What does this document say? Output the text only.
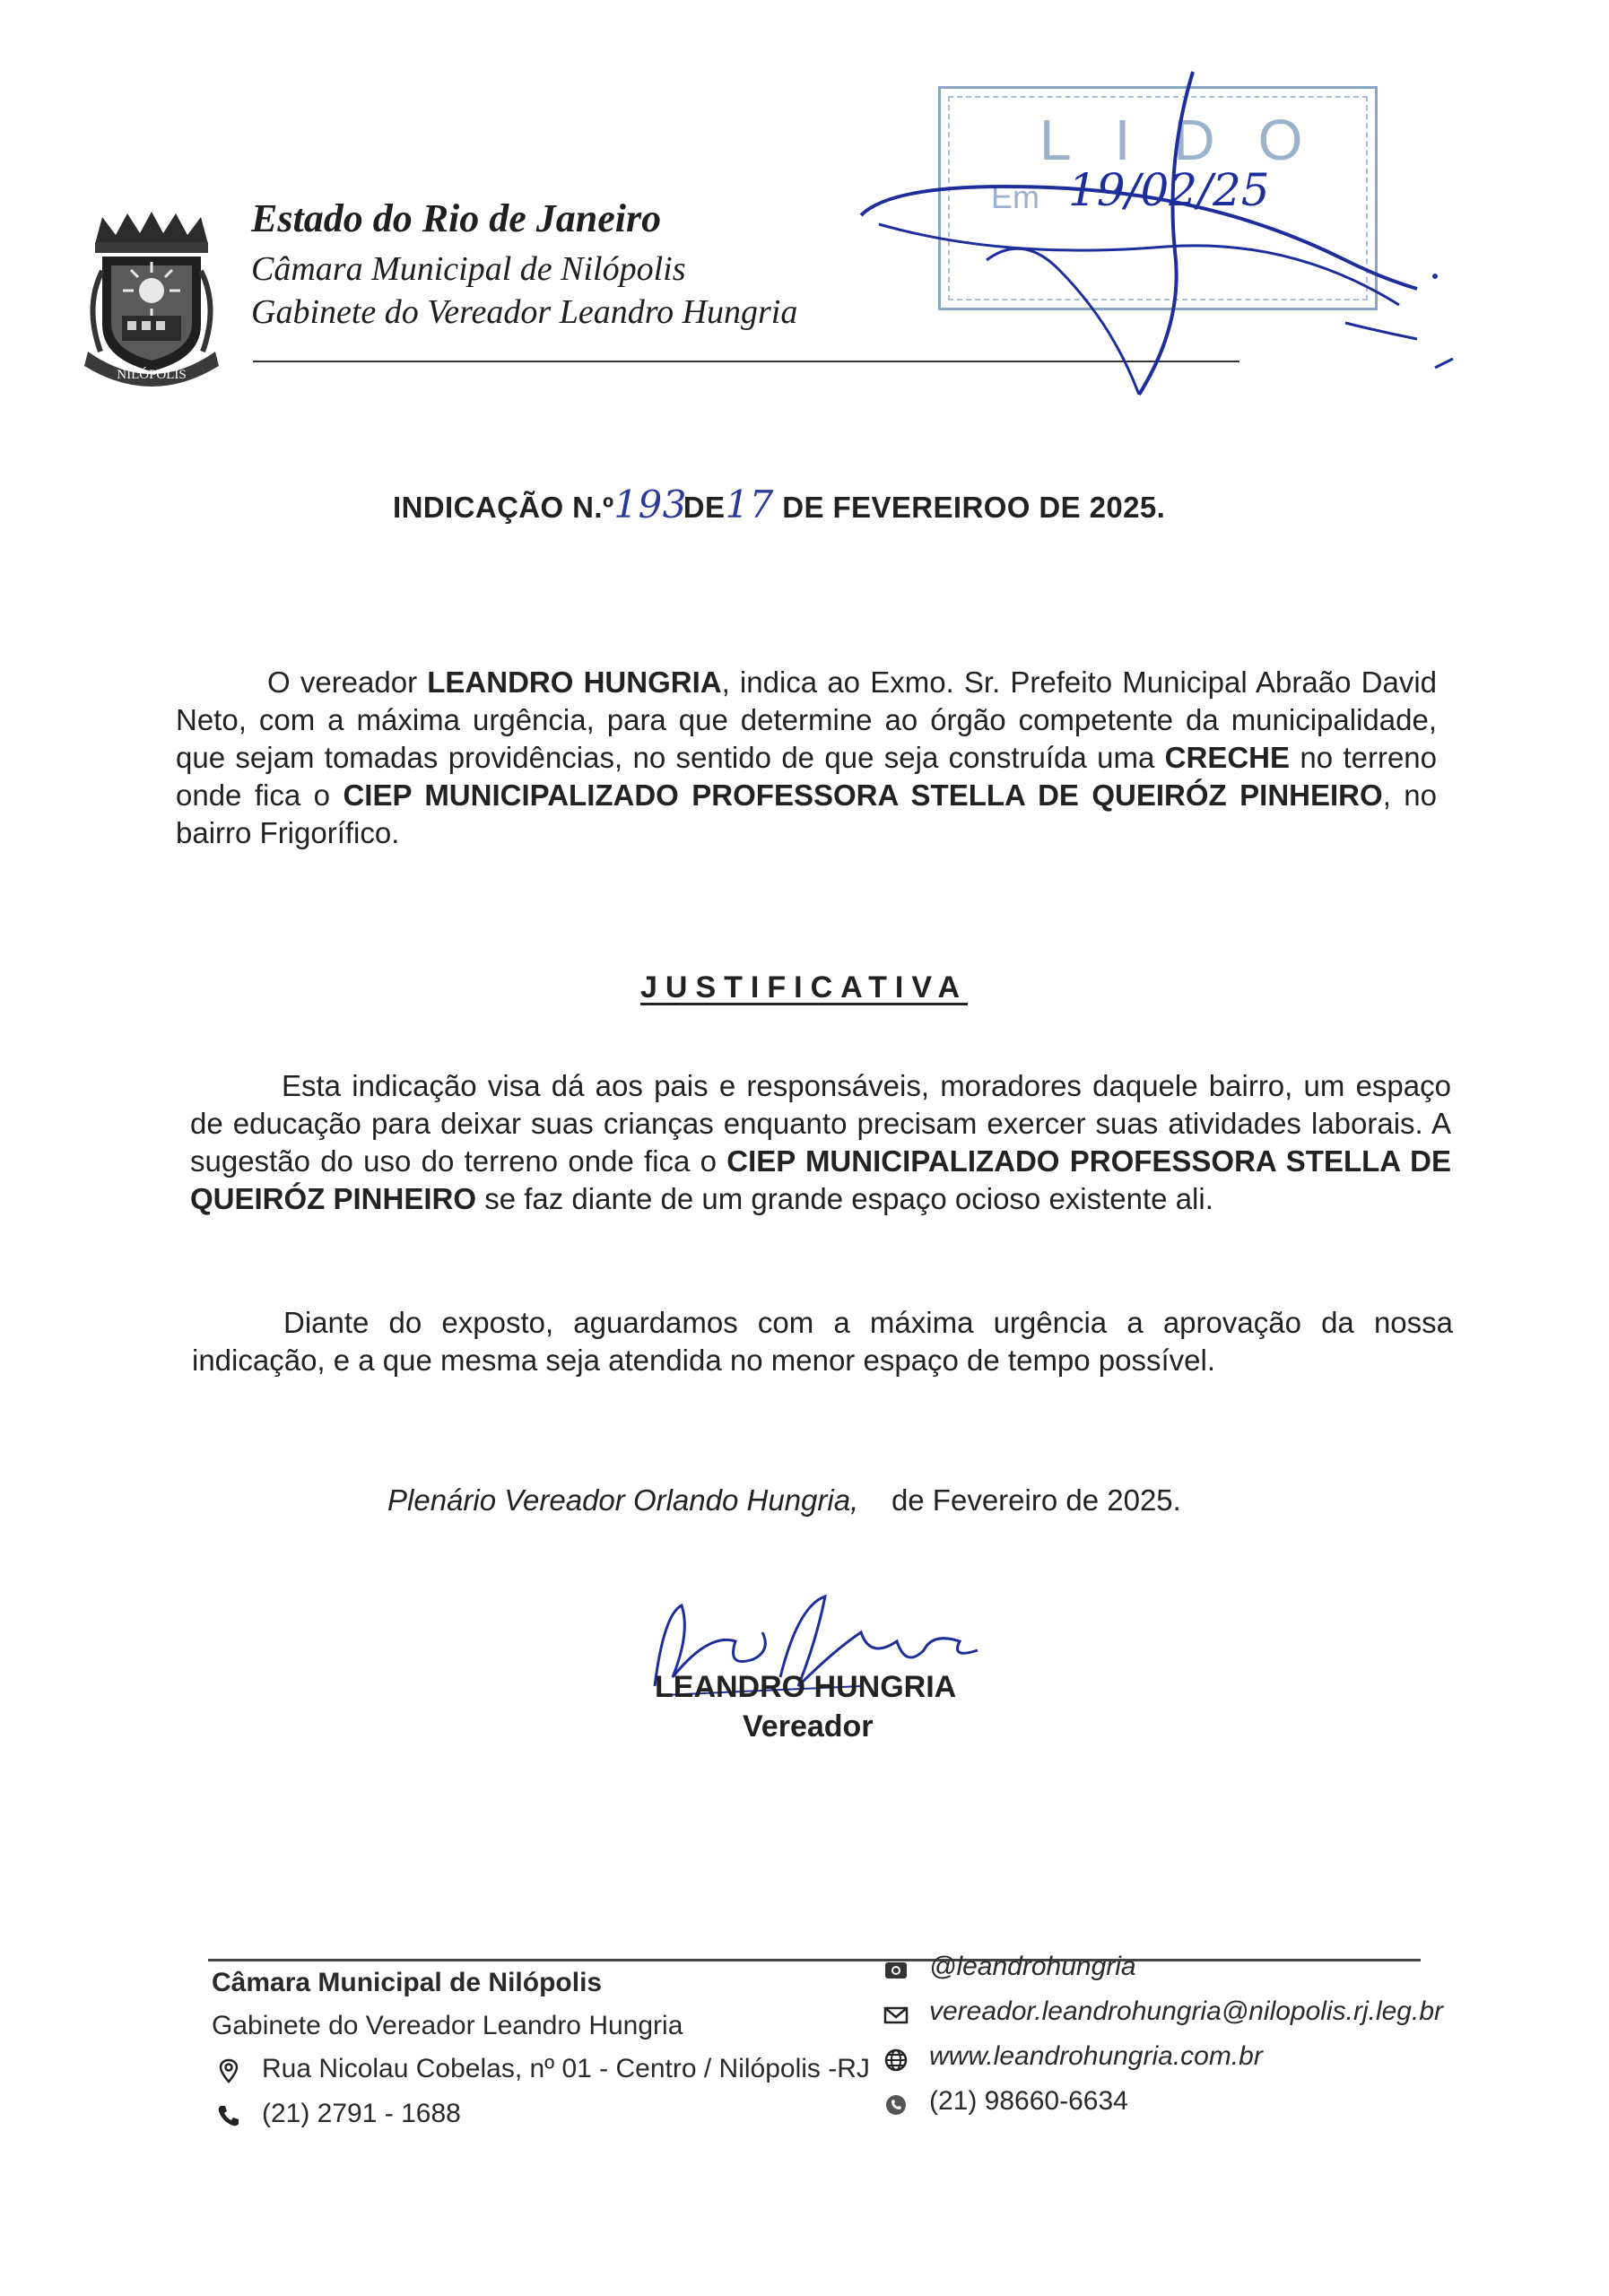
NILÓPOLIS
Estado do Rio de Janeiro
Câmara Municipal de Nilópolis
Gabinete do Vereador Leandro Hungria
LIDO
Em 19/02/25
INDICAÇÃO N.º193DE17 DE FEVEREIROO DE 2025.
O vereador LEANDRO HUNGRIA, indica ao Exmo. Sr. Prefeito Municipal Abraão David Neto, com a máxima urgência, para que determine ao órgão competente da municipalidade, que sejam tomadas providências, no sentido de que seja construída uma CRECHE no terreno onde fica o CIEP MUNICIPALIZADO PROFESSORA STELLA DE QUEIRÓZ PINHEIRO, no bairro Frigorífico.
JUSTIFICATIVA
Esta indicação visa dá aos pais e responsáveis, moradores daquele bairro, um espaço de educação para deixar suas crianças enquanto precisam exercer suas atividades laborais. A sugestão do uso do terreno onde fica o CIEP MUNICIPALIZADO PROFESSORA STELLA DE QUEIRÓZ PINHEIRO se faz diante de um grande espaço ocioso existente ali.
Diante do exposto, aguardamos com a máxima urgência a aprovação da nossa indicação, e a que mesma seja atendida no menor espaço de tempo possível.
Plenário Vereador Orlando Hungria, de Fevereiro de 2025.
LEANDRO HUNGRIA
Vereador
Câmara Municipal de Nilópolis
Gabinete do Vereador Leandro Hungria
Rua Nicolau Cobelas, nº 01 - Centro / Nilópolis -RJ
(21) 2791 - 1688
@leandrohungria
vereador.leandrohungria@nilopolis.rj.leg.br
www.leandrohungria.com.br
(21) 98660-6634
